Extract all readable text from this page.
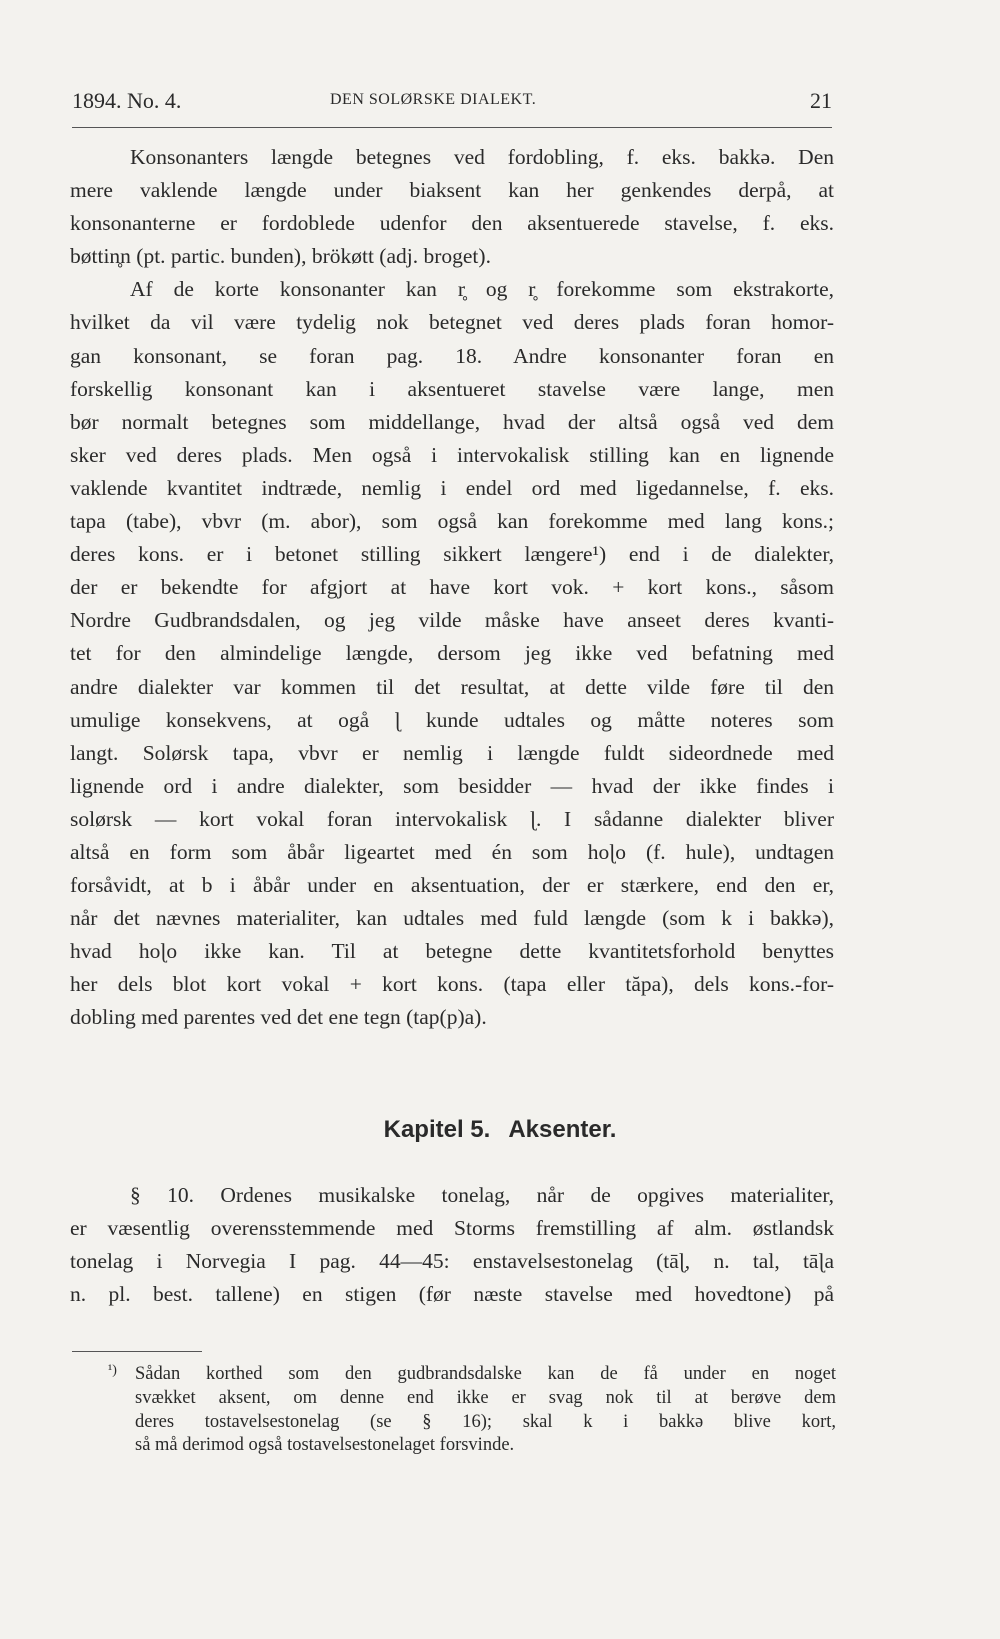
1894. No. 4.	DEN SOLØRSKE DIALEKT.	21
Konsonanters længde betegnes ved fordobling, f. eks. bakkə. Den
mere vaklende længde under biaksent kan her genkendes derpå, at
konsonanterne er fordoblede udenfor den aksentuerede stavelse, f. eks.
bøttin̥n (pt. partic. bunden), brökøtt (adj. broget).
Af de korte konsonanter kan r̥ og r̥ forekomme som ekstrakorte,
hvilket da vil være tydelig nok betegnet ved deres plads foran homor-
gan konsonant, se foran pag. 18. Andre konsonanter foran en
forskellig konsonant kan i aksentueret stavelse være lange, men
bør normalt betegnes som middellange, hvad der altså også ved dem
sker ved deres plads. Men også i intervokalisk stilling kan en lignende
vaklende kvantitet indtræde, nemlig i endel ord med ligedannelse, f. eks.
tapa (tabe), vbvr (m. abor), som også kan forekomme med lang kons.;
deres kons. er i betonet stilling sikkert længere¹) end i de dialekter,
der er bekendte for afgjort at have kort vok. + kort kons., såsom
Nordre Gudbrandsdalen, og jeg vilde måske have anseet deres kvanti-
tet for den almindelige længde, dersom jeg ikke ved befatning med
andre dialekter var kommen til det resultat, at dette vilde føre til den
umulige konsekvens, at ogå ɭ kunde udtales og måtte noteres som
langt. Solørsk tapa, vbvr er nemlig i længde fuldt sideordnede med
lignende ord i andre dialekter, som besidder — hvad der ikke findes i
solørsk — kort vokal foran intervokalisk ɭ. I sådanne dialekter bliver
altså en form som åbår ligeartet med én som hoɭo (f. hule), undtagen
forsåvidt, at b i åbår under en aksentuation, der er stærkere, end den er,
når det nævnes materialiter, kan udtales med fuld længde (som k i bakkə),
hvad hoɭo ikke kan. Til at betegne dette kvantitetsforhold benyttes
her dels blot kort vokal + kort kons. (tapa eller tăpa), dels kons.-for-
dobling med parentes ved det ene tegn (tap(p)a).
Kapitel 5. Aksenter.
§ 10. Ordenes musikalske tonelag, når de opgives materialiter,
er væsentlig overensstemmende med Storms fremstilling af alm. østlandsk
tonelag i Norvegia I pag. 44—45: enstavelsestonelag (tāɭ, n. tal, tāɭa
n. pl. best. tallene) en stigen (før næste stavelse med hovedtone) på
¹) Sådan korthed som den gudbrandsdalske kan de få under en noget
svækket aksent, om denne end ikke er svag nok til at berøve dem
deres tostavelsestonelag (se § 16); skal k i bakkə blive kort,
så må derimod også tostavelsestonelaget forsvinde.
